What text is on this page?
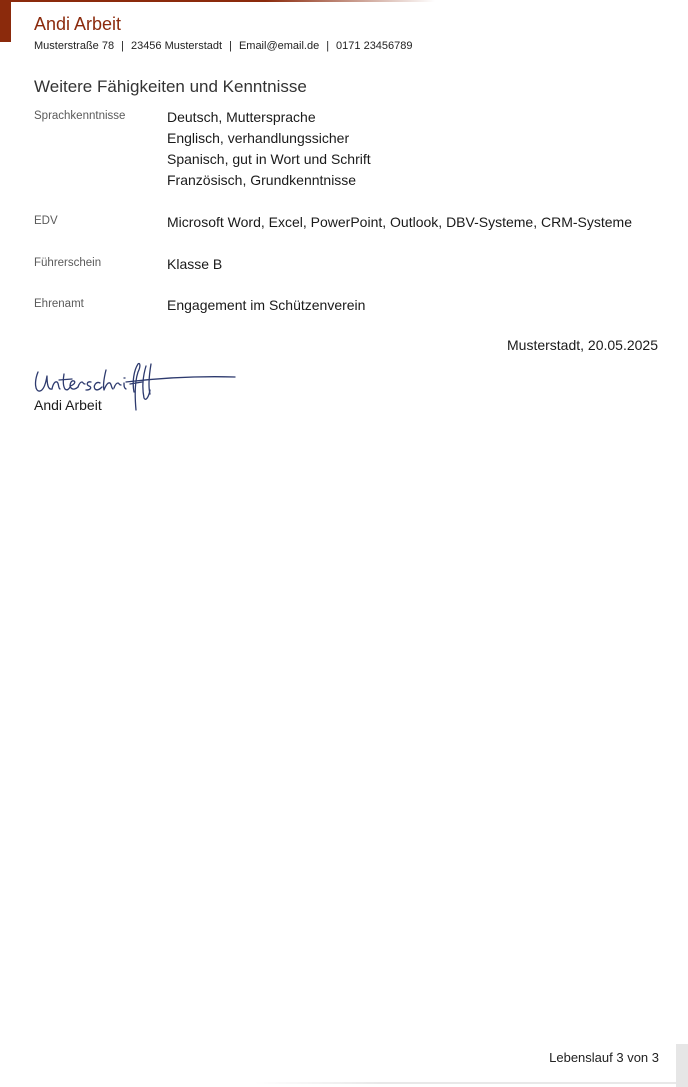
Andi Arbeit
Musterstraße 78 | 23456 Musterstadt | Email@email.de | 0171 23456789
Weitere Fähigkeiten und Kenntnisse
Sprachkenntnisse	Deutsch, Muttersprache
Englisch, verhandlungssicher
Spanisch, gut in Wort und Schrift
Französisch, Grundkenntnisse
EDV	Microsoft Word, Excel, PowerPoint, Outlook, DBV-Systeme, CRM-Systeme
Führerschein	Klasse B
Ehrenamt	Engagement im Schützenverein
Musterstadt, 20.05.2025
Andi Arbeit
Lebenslauf 3 von 3
